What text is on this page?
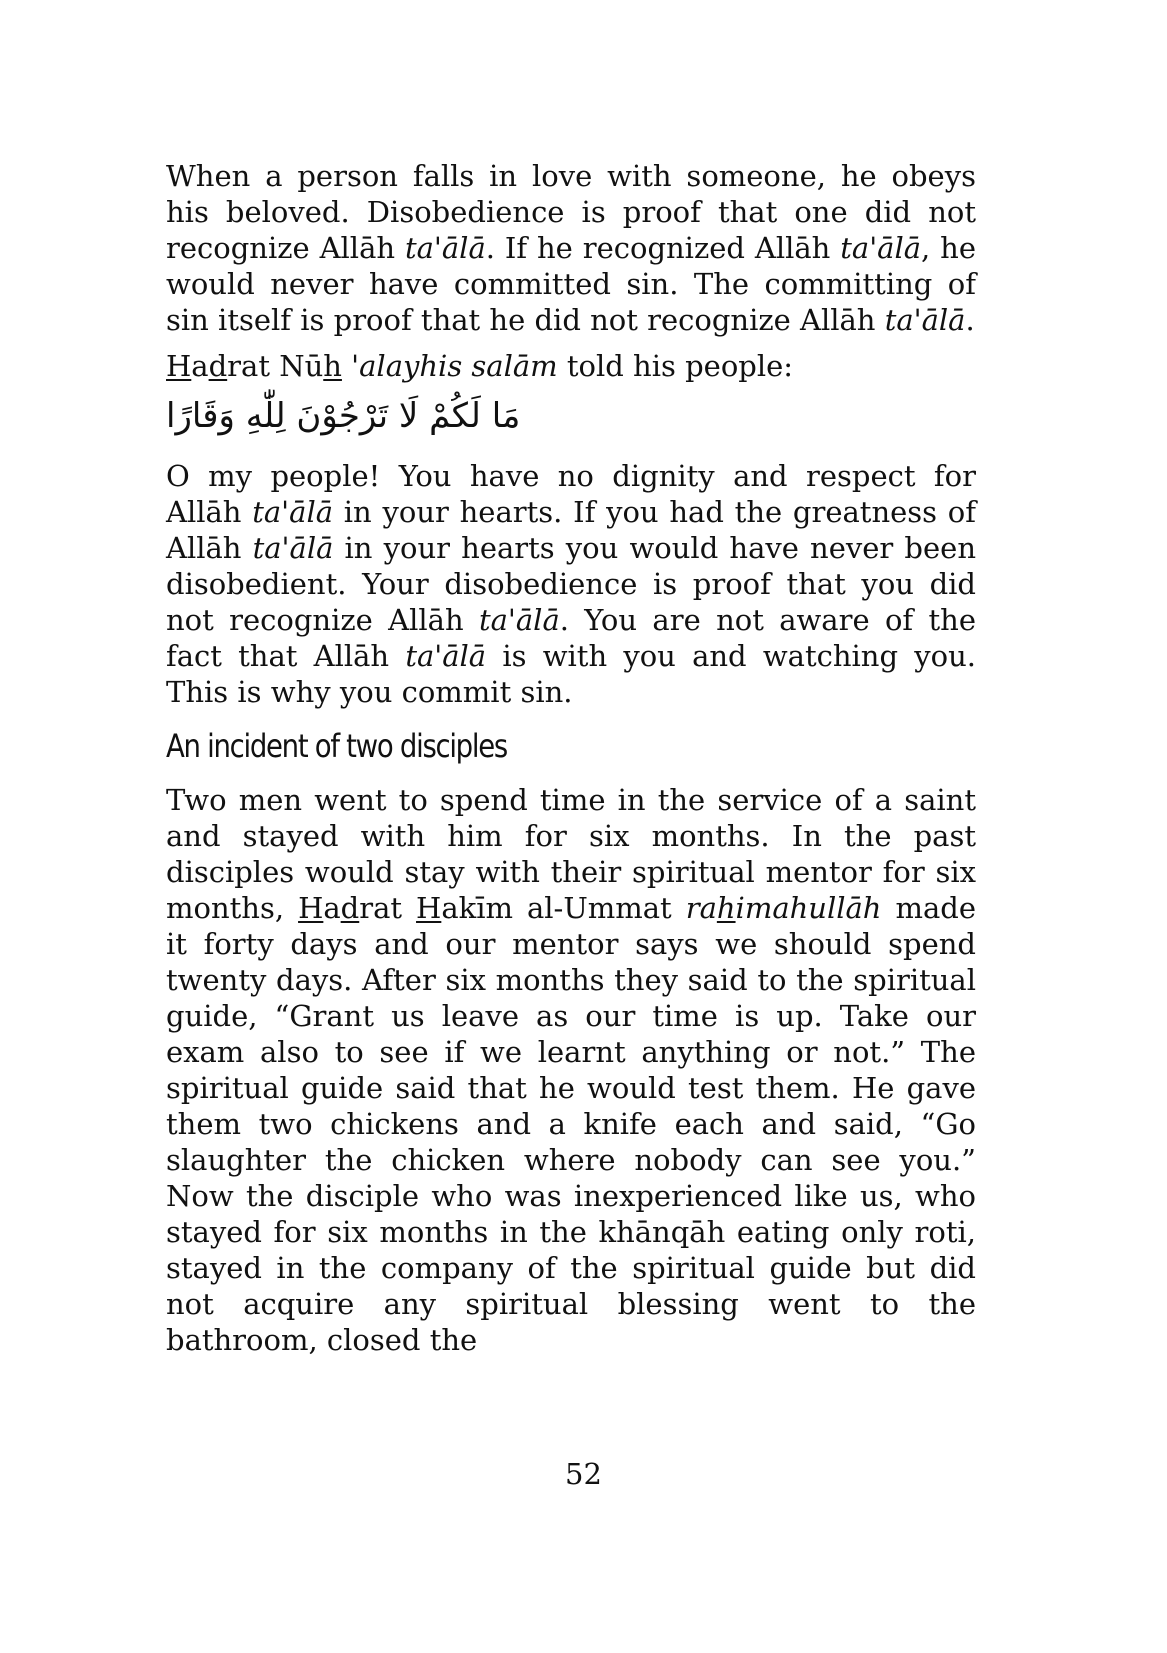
When a person falls in love with someone, he obeys his beloved. Disobedience is proof that one did not recognize Allāh ta'ālā. If he recognized Allāh ta'ālā, he would never have committed sin. The committing of sin itself is proof that he did not recognize Allāh ta'ālā.

Hadrat Nūh 'alayhis salām told his people:

مَا لَكُمْ لَا تَرْجُوْنَ لِلّٰهِ وَقَارًا

O my people! You have no dignity and respect for Allāh ta'ālā in your hearts. If you had the greatness of Allāh ta'ālā in your hearts you would have never been disobedient. Your disobedience is proof that you did not recognize Allāh ta'ālā. You are not aware of the fact that Allāh ta'ālā is with you and watching you. This is why you commit sin.

An incident of two disciples

Two men went to spend time in the service of a saint and stayed with him for six months. In the past disciples would stay with their spiritual mentor for six months, Hadrat Hakīm al-Ummat rahimahullāh made it forty days and our mentor says we should spend twenty days. After six months they said to the spiritual guide, “Grant us leave as our time is up. Take our exam also to see if we learnt anything or not.” The spiritual guide said that he would test them. He gave them two chickens and a knife each and said, “Go slaughter the chicken where nobody can see you.” Now the disciple who was inexperienced like us, who stayed for six months in the khānqāh eating only roti, stayed in the company of the spiritual guide but did not acquire any spiritual blessing went to the bathroom, closed the

52
